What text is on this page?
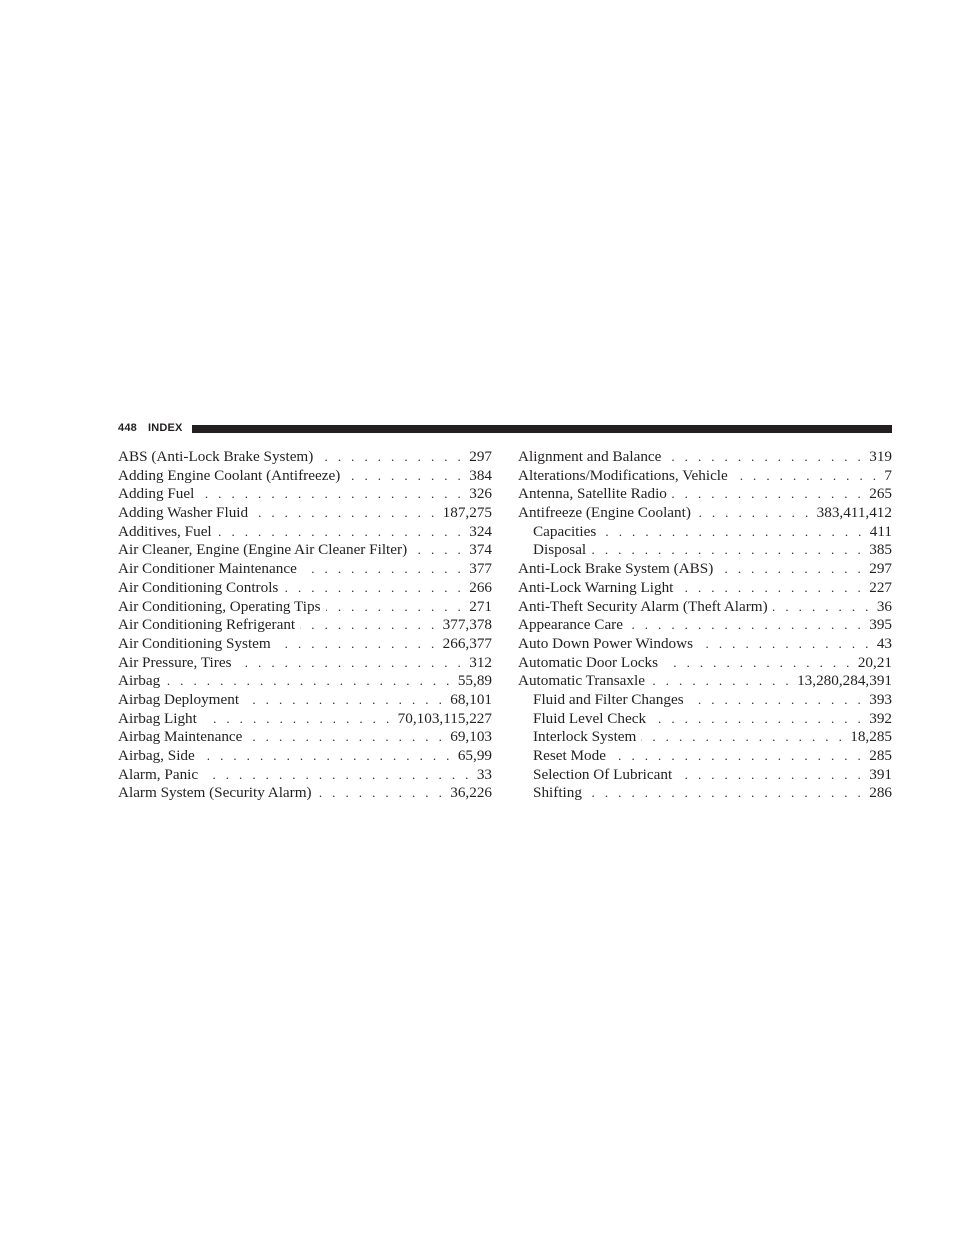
448 INDEX
ABS (Anti-Lock Brake System) . . .	297
Adding Engine Coolant (Antifreeze) . . .	384
Adding Fuel . . .	326
Adding Washer Fluid . . .	187,275
Additives, Fuel . . .	324
Air Cleaner, Engine (Engine Air Cleaner Filter) . . .	374
Air Conditioner Maintenance . . .	377
Air Conditioning Controls . . .	266
Air Conditioning, Operating Tips . . .	271
Air Conditioning Refrigerant . . .	377,378
Air Conditioning System . . .	266,377
Air Pressure, Tires . . .	312
Airbag . . .	55,89
Airbag Deployment . . .	68,101
Airbag Light . . .	70,103,115,227
Airbag Maintenance . . .	69,103
Airbag, Side . . .	65,99
Alarm, Panic . . .	33
Alarm System (Security Alarm) . . .	36,226
Alignment and Balance . . .	319
Alterations/Modifications, Vehicle . . .	7
Antenna, Satellite Radio . . .	265
Antifreeze (Engine Coolant) . . .	383,411,412
Capacities . . .	411
Disposal . . .	385
Anti-Lock Brake System (ABS) . . .	297
Anti-Lock Warning Light . . .	227
Anti-Theft Security Alarm (Theft Alarm) . . .	36
Appearance Care . . .	395
Auto Down Power Windows . . .	43
Automatic Door Locks . . .	20,21
Automatic Transaxle . . .	13,280,284,391
Fluid and Filter Changes . . .	393
Fluid Level Check . . .	392
Interlock System . . .	18,285
Reset Mode . . .	285
Selection Of Lubricant . . .	391
Shifting . . .	286
